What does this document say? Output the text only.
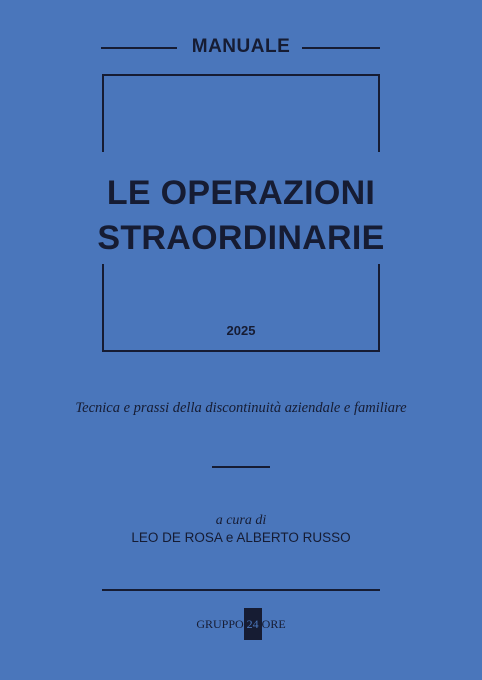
MANUALE
LE OPERAZIONI
STRAORDINARIE
2025
Tecnica e prassi della discontinuità aziendale e familiare
a cura di
LEO DE ROSA e ALBERTO RUSSO
GRUPPO 24 ORE
